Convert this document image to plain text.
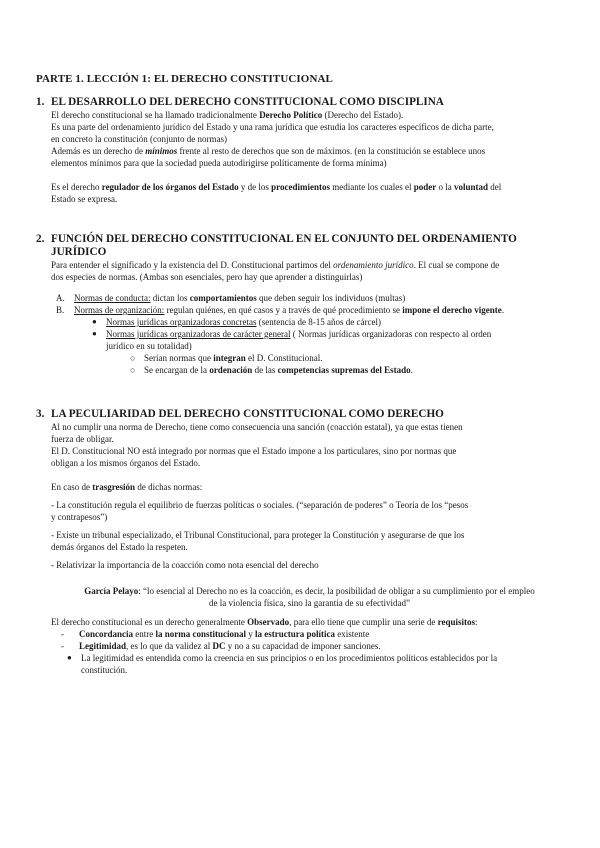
PARTE 1. LECCIÓN 1: EL DERECHO CONSTITUCIONAL
1. EL DESARROLLO DEL DERECHO CONSTITUCIONAL COMO DISCIPLINA

El derecho constitucional se ha llamado tradicionalmente Derecho Político (Derecho del Estado).

Es una parte del ordenamiento jurídico del Estado y una rama jurídica que estudia los caracteres específicos de dicha parte,

en concreto la constitución (conjunto de normas)

Además es un derecho de mínimos frente al resto de derechos que son de máximos. (en la constitución se establece unos

elementos mínimos para que la sociedad pueda autodirigirse políticamente de forma mínima)

Es el derecho regulador de los órganos del Estado y de los procedimientos mediante los cuales el poder o la voluntad del

Estado se expresa.

2. FUNCIÓN DEL DERECHO CONSTITUCIONAL EN EL CONJUNTO DEL ORDENAMIENTO JURÍDICO

Para entender el significado y la existencia del D. Constitucional partimos del ordenamiento jurídico. El cual se compone de

dos especies de normas. (Ambas son esenciales, pero hay que aprender a distinguirlas)

A.	Normas de conducta: dictan los comportamientos que deben seguir los individuos (multas)
B.	Normas de organización: regulan quiénes, en qué casos y a través de qué procedimiento se impone el derecho vigente.
●	Normas jurídicas organizadoras concretas (sentencia de 8-15 años de cárcel)
●	Normas jurídicas organizadoras de carácter general ( Normas jurídicas organizadoras con respecto al orden
jurídico en su totalidad)
○ Serían normas que integran el D. Constitucional.
○ Se encargan de la ordenación de las competencias supremas del Estado.
3. LA PECULIARIDAD DEL DERECHO CONSTITUCIONAL COMO DERECHO

Al no cumplir una norma de Derecho, tiene como consecuencia una sanción (coacción estatal), ya que estas tienen

fuerza de obligar.

El D. Constitucional NO está integrado por normas que el Estado impone a los particulares, sino por normas que

obligan a los mismos órganos del Estado.

En caso de trasgresión de dichas normas:

- La constitución regula el equilibrio de fuerzas políticas o sociales. (“separación de poderes” o Teoría de los “pesos

y contrapesos”)

- Existe un tribunal especializado, el Tribunal Constitucional, para proteger la Constitución y asegurarse de que los

demás órganos del Estado la respeten.

- Relativizar la importancia de la coacción como nota esencial del derecho

García Pelayo: “lo esencial al Derecho no es la coacción, es decir, la posibilidad de obligar a su cumplimiento por el empleo

de la violencia física, sino la garantía de su efectividad”

El derecho constitucional es un derecho generalmente Observado, para ello tiene que cumplir una serie de requisitos:

-	Concordancia entre la norma constitucional y la estructura política existente
-	Legitimidad, es lo que da validez al DC y no a su capacidad de imponer sanciones.
●	La legitimidad es entendida como la creencia en sus principios o en los procedimientos políticos establecidos por la
constitución.
